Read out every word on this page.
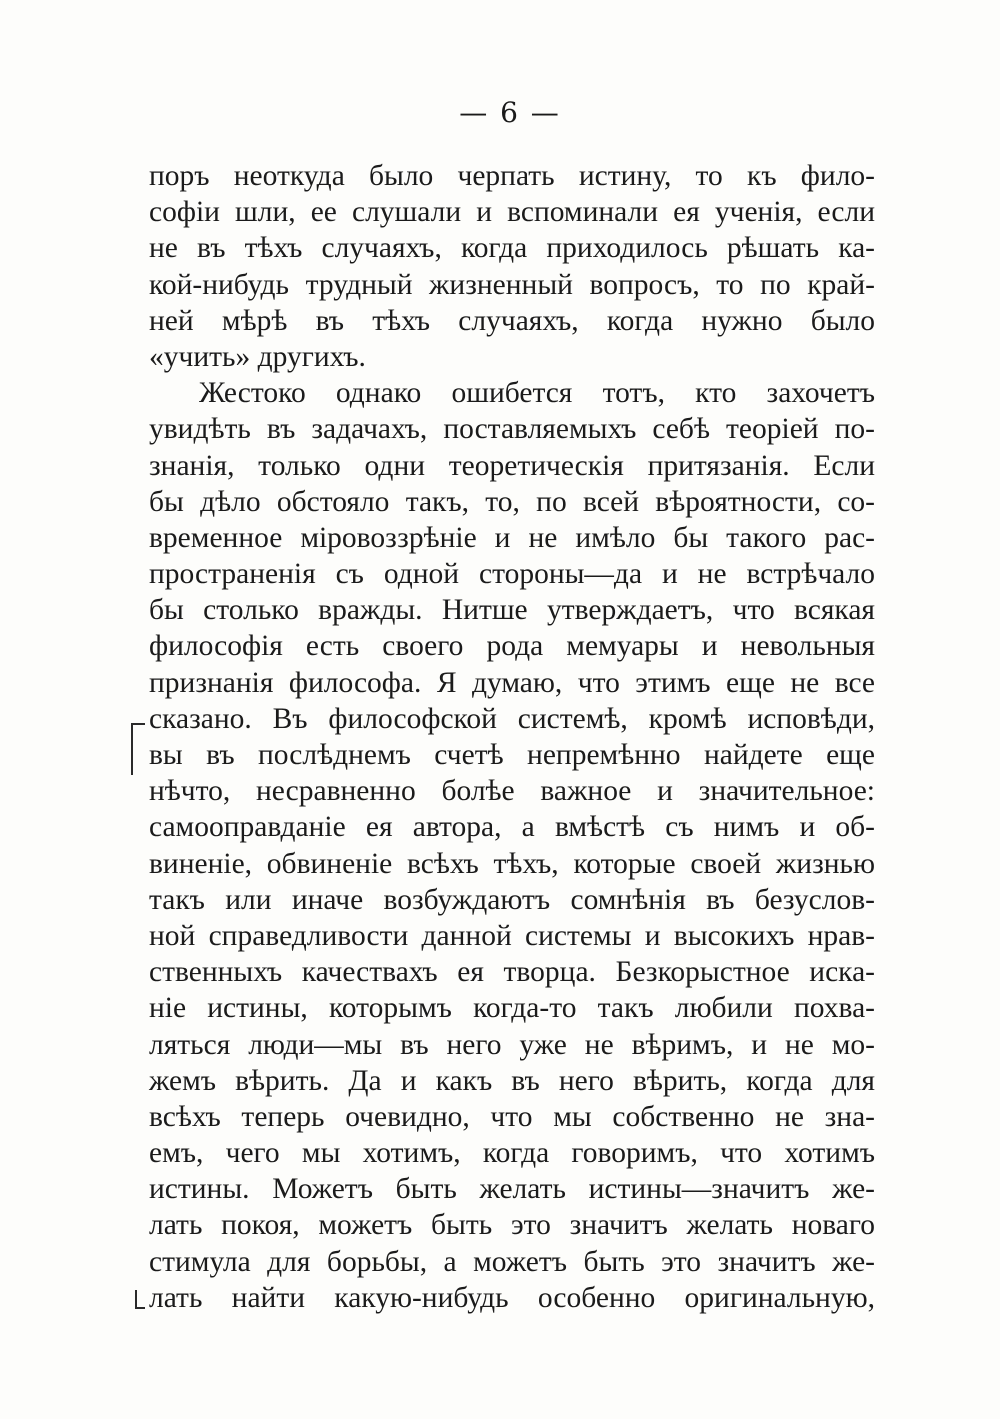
— 6 —
поръ неоткуда было черпать истину, то къ фило-
софіи шли, ее слушали и вспоминали ея ученія, если
не въ тѣхъ случаяхъ, когда приходилось рѣшать ка-
кой-нибудь трудный жизненный вопросъ, то по край-
ней мѣрѣ въ тѣхъ случаяхъ, когда нужно было
«учить» другихъ.
Жестоко однако ошибется тотъ, кто захочетъ
увидѣть въ задачахъ, поставляемыхъ себѣ теоріей по-
знанія, только одни теоретическія притязанія. Если
бы дѣло обстояло такъ, то, по всей вѣроятности, со-
временное міровоззрѣніе и не имѣло бы такого рас-
пространенія съ одной стороны—да и не встрѣчало
бы столько вражды. Нитше утверждаетъ, что всякая
философія есть своего рода мемуары и невольныя
признанія философа. Я думаю, что этимъ еще не все
сказано. Въ философской системѣ, кромѣ исповѣди,
вы въ послѣднемъ счетѣ непремѣнно найдете еще
нѣчто, несравненно болѣе важное и значительное:
самооправданіе ея автора, а вмѣстѣ съ нимъ и об-
виненіе, обвиненіе всѣхъ тѣхъ, которые своей жизнью
такъ или иначе возбуждаютъ сомнѣнія въ безуслов-
ной справедливости данной системы и высокихъ нрав-
ственныхъ качествахъ ея творца. Безкорыстное иска-
ніе истины, которымъ когда-то такъ любили похва-
ляться люди—мы въ него уже не вѣримъ, и не мо-
жемъ вѣрить. Да и какъ въ него вѣрить, когда для
всѣхъ теперь очевидно, что мы собственно не зна-
емъ, чего мы хотимъ, когда говоримъ, что хотимъ
истины. Можетъ быть желать истины—значитъ же-
лать покоя, можетъ быть это значитъ желать новаго
стимула для борьбы, а можетъ быть это значитъ же-
лать найти какую-нибудь особенно оригинальную,
